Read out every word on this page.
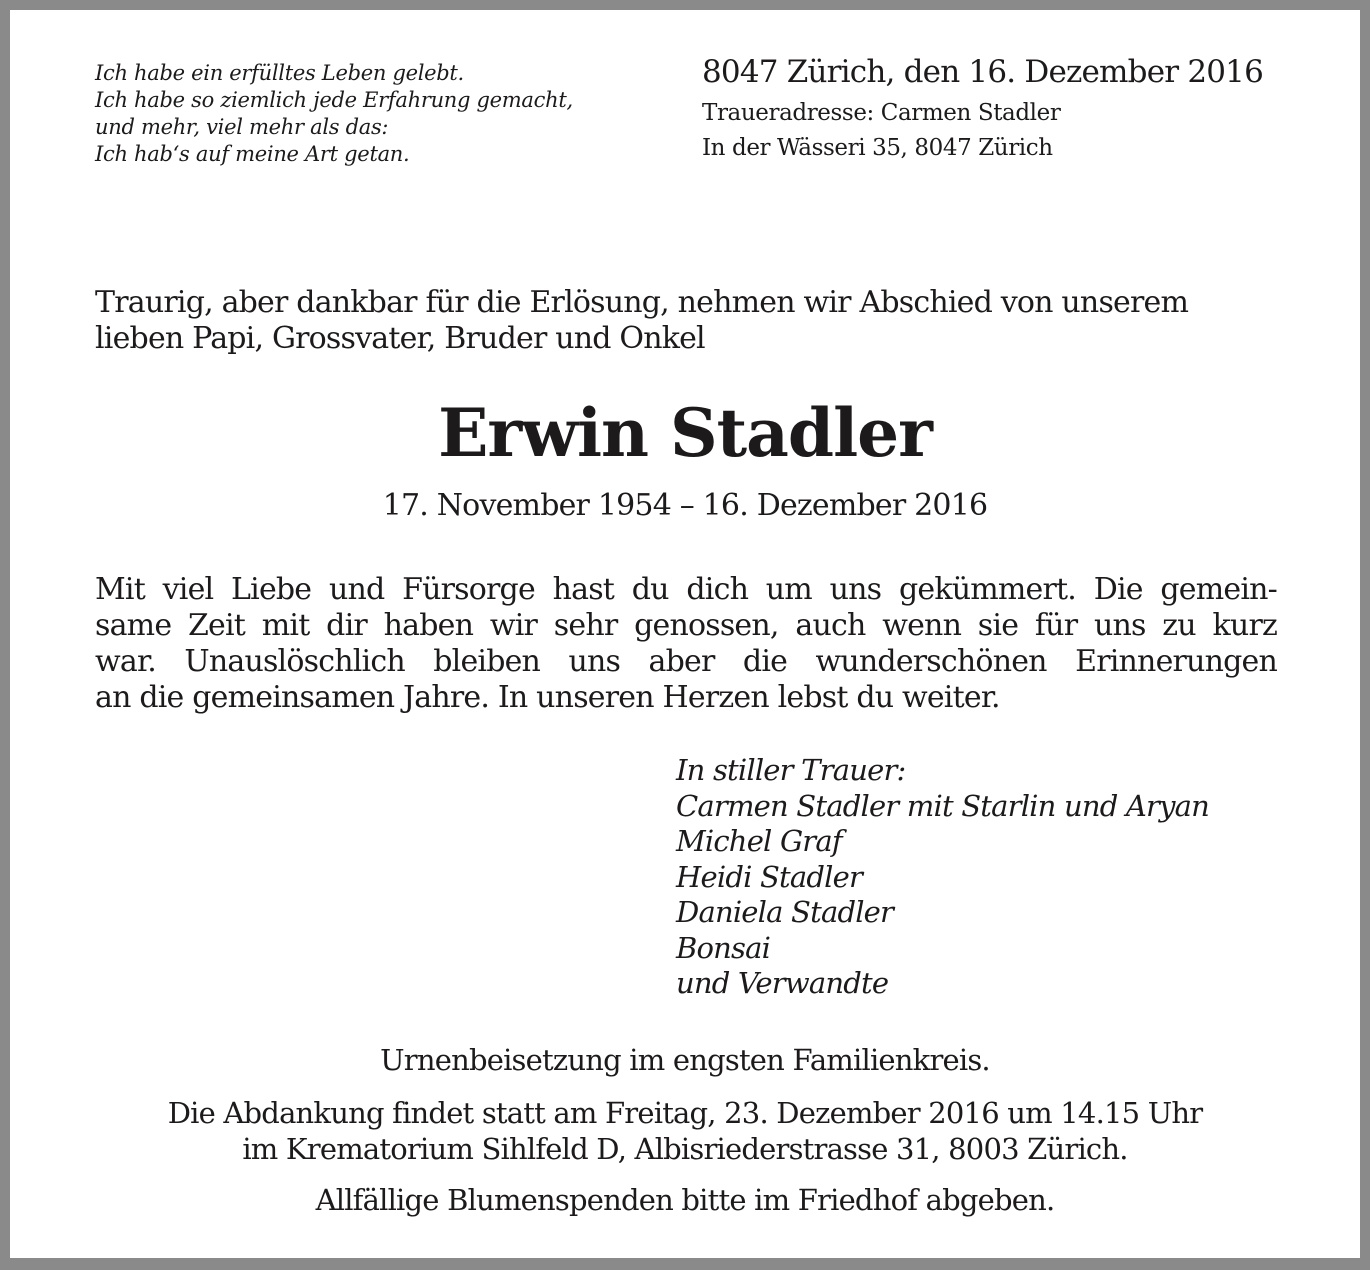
Ich habe ein erfülltes Leben gelebt.
Ich habe so ziemlich jede Erfahrung gemacht,
und mehr, viel mehr als das:
Ich hab‘s auf meine Art getan.

8047 Zürich, den 16. Dezember 2016
Traueradresse: Carmen Stadler
In der Wässeri 35, 8047 Zürich

Traurig, aber dankbar für die Erlösung, nehmen wir Abschied von unserem
lieben Papi, Grossvater, Bruder und Onkel

Erwin Stadler
17. November 1954 – 16. Dezember 2016

Mit viel Liebe und Fürsorge hast du dich um uns gekümmert. Die gemein-
same Zeit mit dir haben wir sehr genossen, auch wenn sie für uns zu kurz
war. Unauslöschlich bleiben uns aber die wunderschönen Erinnerungen
an die gemeinsamen Jahre. In unseren Herzen lebst du weiter.

In stiller Trauer:
Carmen Stadler mit Starlin und Aryan
Michel Graf
Heidi Stadler
Daniela Stadler
Bonsai
und Verwandte
Urnenbeisetzung im engsten Familienkreis.
Die Abdankung findet statt am Freitag, 23. Dezember 2016 um 14.15 Uhr
im Krematorium Sihlfeld D, Albisriederstrasse 31, 8003 Zürich.
Allfällige Blumenspenden bitte im Friedhof abgeben.
